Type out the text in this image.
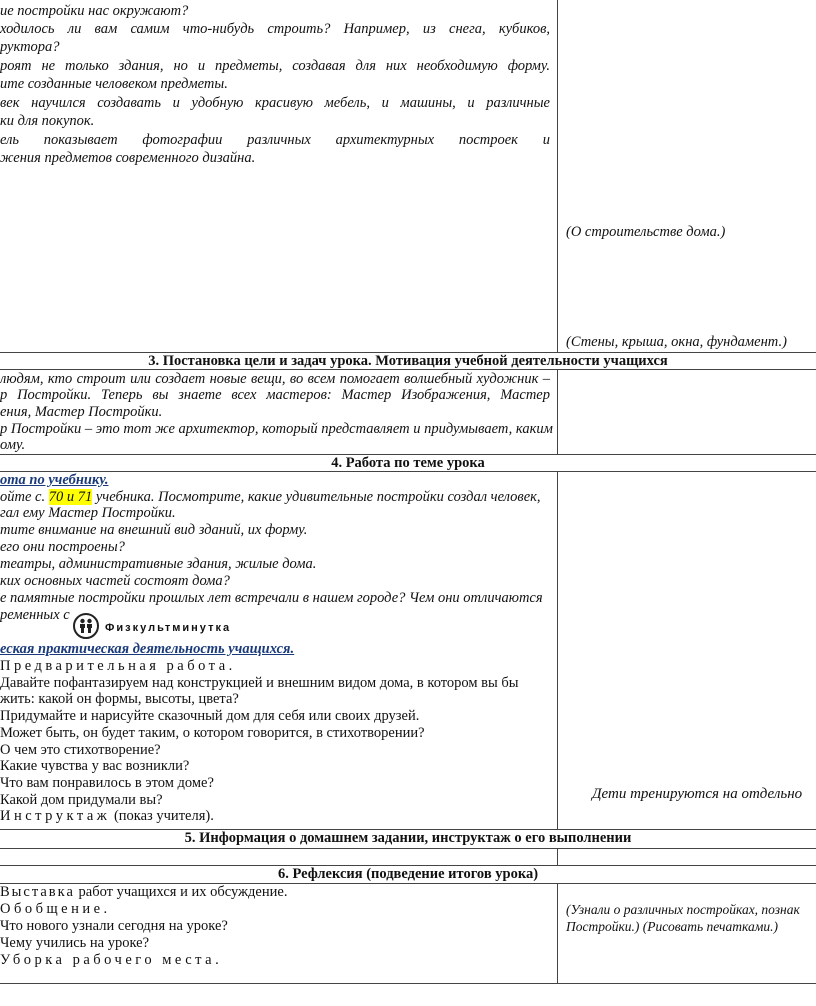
ие постройки нас окружают?
ходилось ли вам самим что-нибудь строить? Например, из снега, кубиков,
руктора?
роят не только здания, но и предметы, создавая для них необходимую форму.
ите созданные человеком предметы.
век научился создавать и удобную красивую мебель, и машины, и различные
ки для покупок.
ель показывает фотографии различных архитектурных построек и
жения предметов современного дизайна.
(О строительстве дома.)
(Стены, крыша, окна, фундамент.)
3. Постановка цели и задач урока. Мотивация учебной деятельности учащихся
людям, кто строит или создает новые вещи, во всем помогает волшебный художник –
р Постройки. Теперь вы знаете всех мастеров: Мастер Изображения, Мастер
ения, Мастер Постройки.
р Постройки – это тот же архитектор, который представляет и придумывает, каким
ому.
4. Работа по теме урока
ота по учебнику.
ойте с. 70 и 71 учебника. Посмотрите, какие удивительные постройки создал человек,
гал ему Мастер Постройки.
тите внимание на внешний вид зданий, их форму.
его они построены?
театры, административные здания, жилые дома.
ких основных частей состоят дома?
е памятные постройки прошлых лет встречали в нашем городе? Чем они отличаются
ременных с
Физкультминутка
еская практическая деятельность учащихся.
Предварительная работа.
Давайте пофантазируем над конструкцией и внешним видом дома, в котором вы бы
жить: какой он формы, высоты, цвета?
Придумайте и нарисуйте сказочный дом для себя или своих друзей.
Может быть, он будет таким, о котором говорится, в стихотворении?
О чем это стихотворение?
Какие чувства у вас возникли?
Что вам понравилось в этом доме?
Какой дом придумали вы?
Инструктаж (показ учителя).
Дети тренируются на отдельно
5. Информация о домашнем задании, инструктаж о его выполнении
6. Рефлексия (подведение итогов урока)
Выставка работ учащихся и их обсуждение.
Обобщение.
Что нового узнали сегодня на уроке?
Чему учились на уроке?
Уборка рабочего места.
(Узнали о различных постройках, познак
Постройки.) (Рисовать печатками.)
